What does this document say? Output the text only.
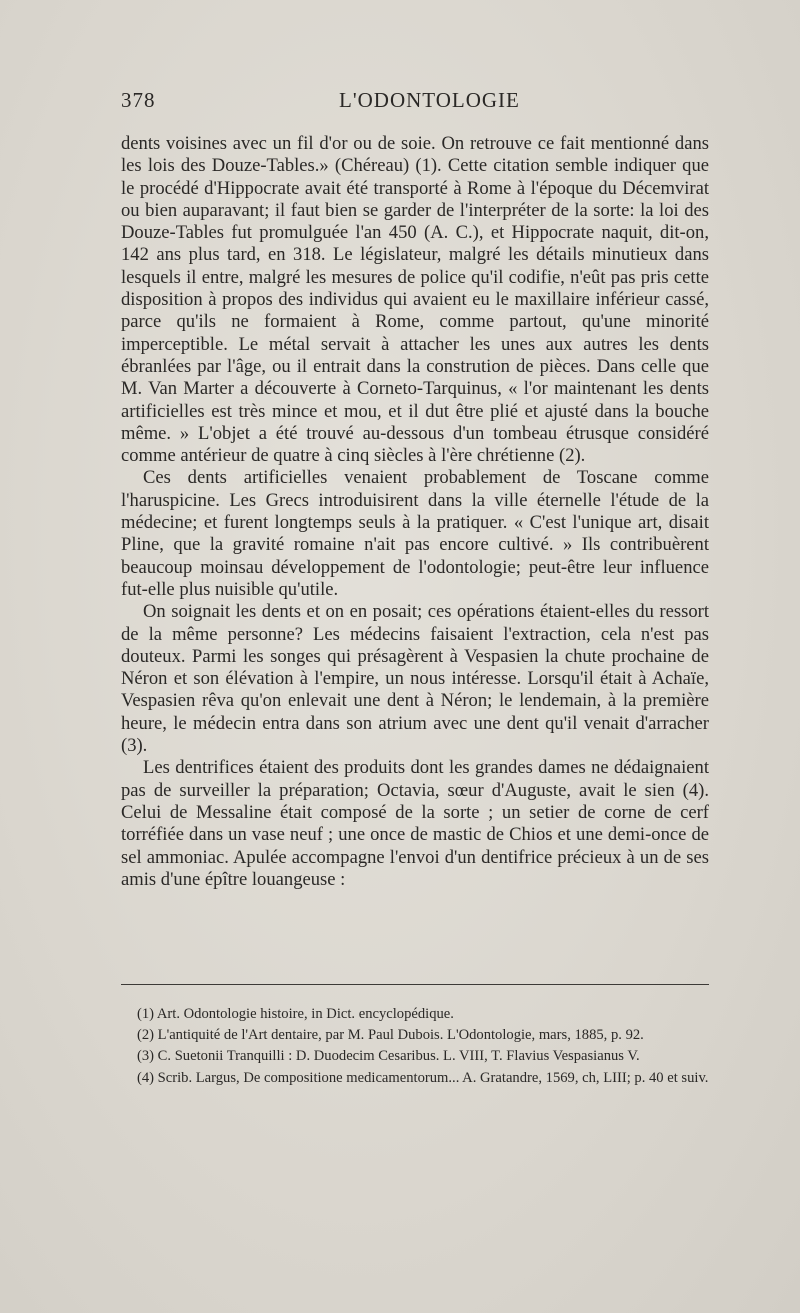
378	L'ODONTOLOGIE

dents voisines avec un fil d'or ou de soie. On retrouve ce fait mentionné dans les lois des Douze-Tables.» (Chéreau) (1). Cette citation semble indiquer que le procédé d'Hippocrate avait été transporté à Rome à l'époque du Décemvirat ou bien auparavant; il faut bien se garder de l'interpréter de la sorte: la loi des Douze-Tables fut promulguée l'an 450 (A. C.), et Hippocrate naquit, dit-on, 142 ans plus tard, en 318. Le législateur, malgré les détails minutieux dans lesquels il entre, malgré les mesures de police qu'il codifie, n'eût pas pris cette disposition à propos des individus qui avaient eu le maxillaire inférieur cassé, parce qu'ils ne formaient à Rome, comme partout, qu'une minorité imperceptible. Le métal servait à attacher les unes aux autres les dents ébranlées par l'âge, ou il entrait dans la constrution de pièces. Dans celle que M. Van Marter a découverte à Corneto-Tarquinus, « l'or maintenant les dents artificielles est très mince et mou, et il dut être plié et ajusté dans la bouche même. » L'objet a été trouvé au-dessous d'un tombeau étrusque considéré comme antérieur de quatre à cinq siècles à l'ère chrétienne (2).

Ces dents artificielles venaient probablement de Toscane comme l'haruspicine. Les Grecs introduisirent dans la ville éternelle l'étude de la médecine; et furent longtemps seuls à la pratiquer. « C'est l'unique art, disait Pline, que la gravité romaine n'ait pas encore cultivé. » Ils contribuèrent beaucoup moinsau développement de l'odontologie; peut-être leur influence fut-elle plus nuisible qu'utile.

On soignait les dents et on en posait; ces opérations étaient-elles du ressort de la même personne? Les médecins faisaient l'extraction, cela n'est pas douteux. Parmi les songes qui présagèrent à Vespasien la chute prochaine de Néron et son élévation à l'empire, un nous intéresse. Lorsqu'il était à Achaïe, Vespasien rêva qu'on enlevait une dent à Néron; le lendemain, à la première heure, le médecin entra dans son atrium avec une dent qu'il venait d'arracher (3).

Les dentrifices étaient des produits dont les grandes dames ne dédaignaient pas de surveiller la préparation; Octavia, sœur d'Auguste, avait le sien (4). Celui de Messaline était composé de la sorte ; un setier de corne de cerf torréfiée dans un vase neuf ; une once de mastic de Chios et une demi-once de sel ammoniac. Apulée accompagne l'envoi d'un dentifrice précieux à un de ses amis d'une épître louangeuse :

(1) Art. Odontologie histoire, in Dict. encyclopédique.

(2) L'antiquité de l'Art dentaire, par M. Paul Dubois. L'Odontologie, mars, 1885, p. 92.

(3) C. Suetonii Tranquilli : D. Duodecim Cesaribus. L. VIII, T. Flavius Vespasianus V.

(4) Scrib. Largus, De compositione medicamentorum... A. Gratandre, 1569, ch, LIII; p. 40 et suiv.
